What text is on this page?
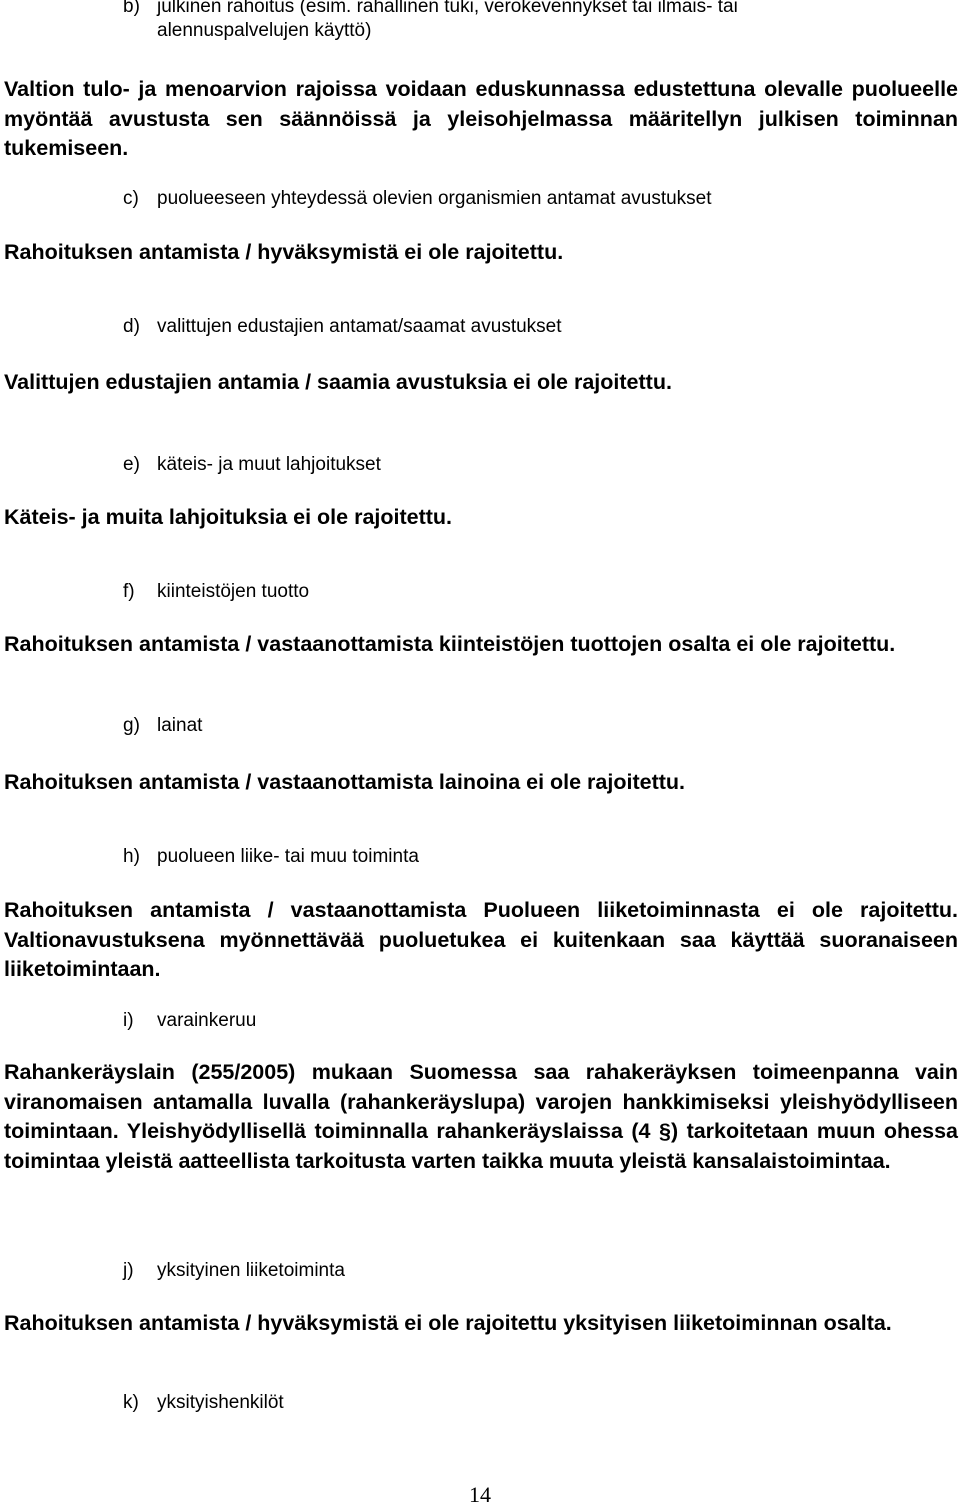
b) julkinen rahoitus (esim. rahallinen tuki, verokevennykset tai ilmais- tai
alennuspalvelujen käyttö)

Valtion tulo- ja menoarvion rajoissa voidaan eduskunnassa edustettuna olevalle puolueelle myöntää avustusta sen säännöissä ja yleisohjelmassa määritellyn julkisen toiminnan tukemiseen.

c) puolueeseen yhteydessä olevien organismien antamat avustukset

Rahoituksen antamista / hyväksymistä ei ole rajoitettu.

d) valittujen edustajien antamat/saamat avustukset

Valittujen edustajien antamia / saamia avustuksia ei ole rajoitettu.

e) käteis- ja muut lahjoitukset

Käteis- ja muita lahjoituksia ei ole rajoitettu.

f) kiinteistöjen tuotto

Rahoituksen antamista / vastaanottamista kiinteistöjen tuottojen osalta ei ole rajoitettu.

g) lainat

Rahoituksen antamista / vastaanottamista lainoina ei ole rajoitettu.

h) puolueen liike- tai muu toiminta

Rahoituksen antamista / vastaanottamista Puolueen liiketoiminnasta ei ole rajoitettu. Valtionavustuksena myönnettävää puoluetukea ei kuitenkaan saa käyttää suoranaiseen liiketoimintaan.

i) varainkeruu

Rahankeräyslain (255/2005) mukaan Suomessa saa rahakeräyksen toimeenpanna vain viranomaisen antamalla luvalla (rahankeräyslupa) varojen hankkimiseksi yleishyödylliseen toimintaan. Yleishyödyllisellä toiminnalla rahankeräyslaissa (4 §) tarkoitetaan muun ohessa toimintaa yleistä aatteellista tarkoitusta varten taikka muuta yleistä kansalaistoimintaa.

j) yksityinen liiketoiminta

Rahoituksen antamista / hyväksymistä ei ole rajoitettu yksityisen liiketoiminnan osalta.

k) yksityishenkilöt

14
